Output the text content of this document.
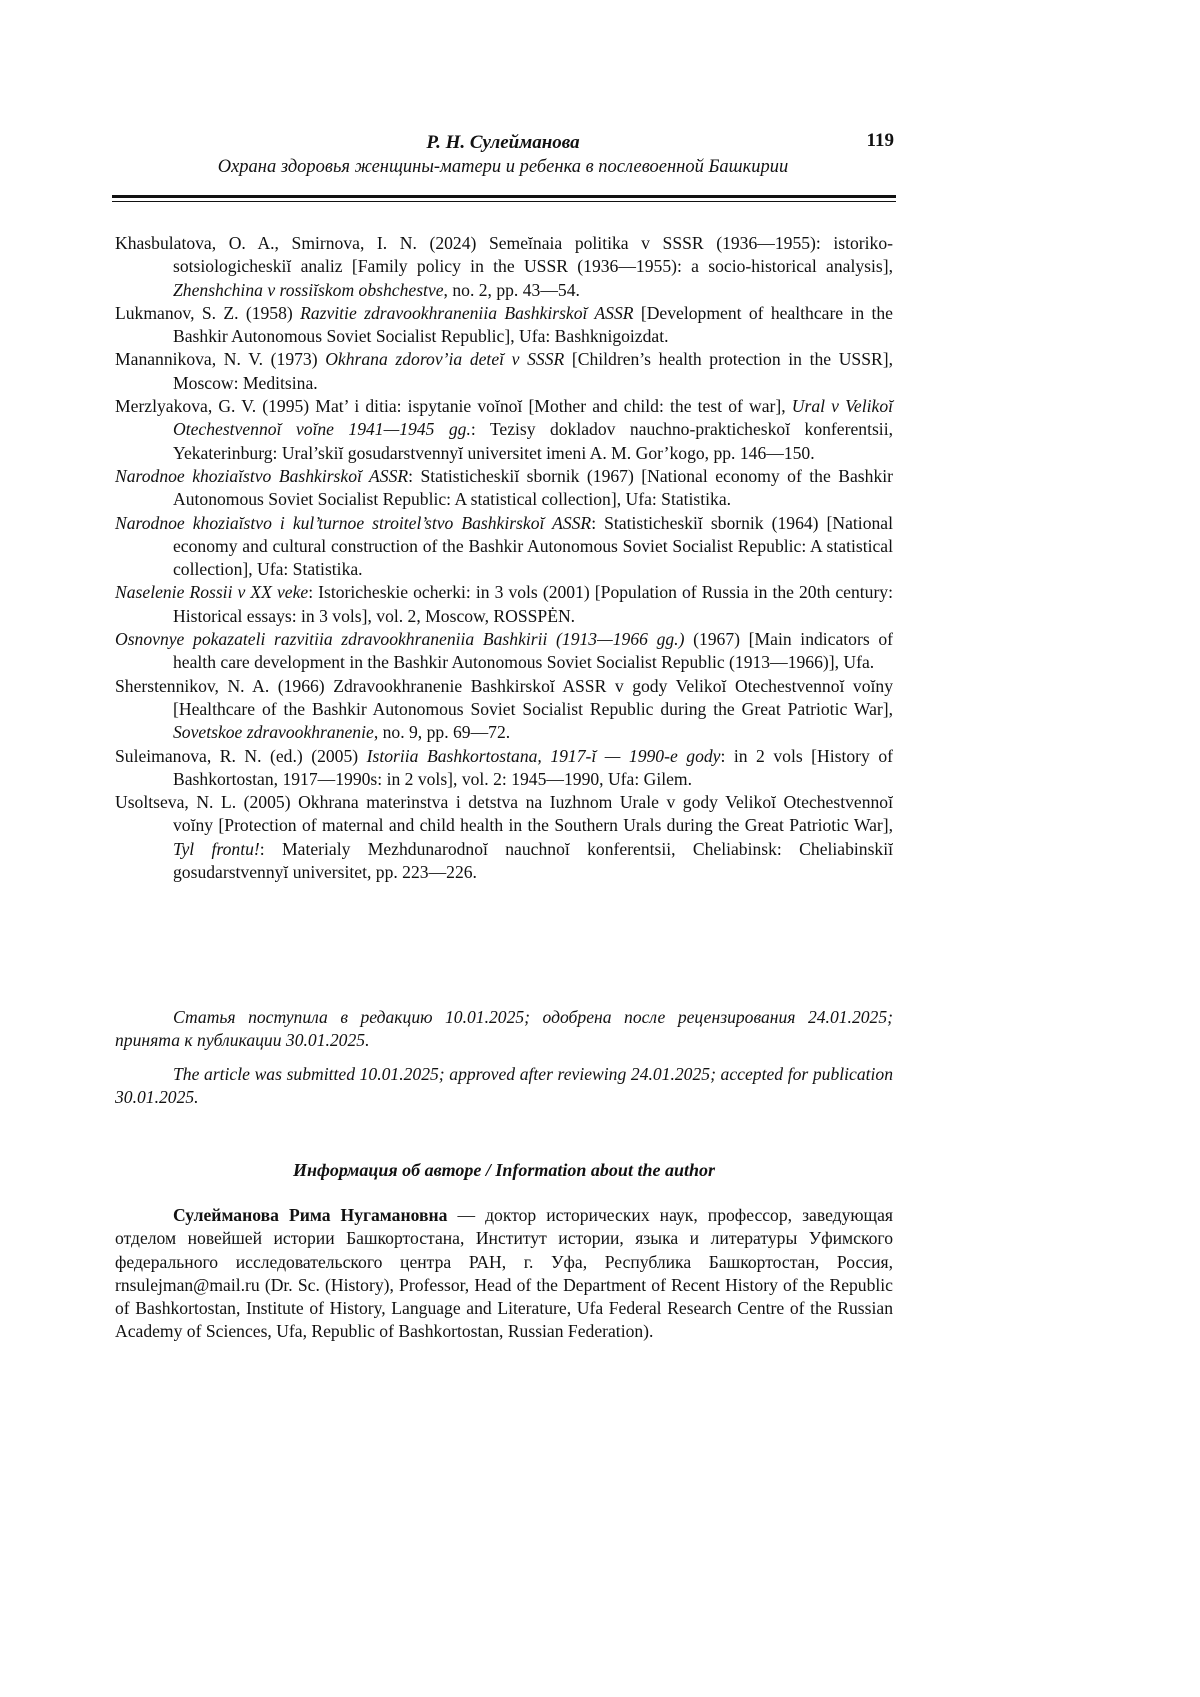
Р. Н. Сулейманова
Охрана здоровья женщины-матери и ребенка в послевоенной Башкирии
119

Khasbulatova, O. A., Smirnova, I. N. (2024) Semeĭnaia politika v SSSR (1936—1955): istoriko-sotsiologicheskiĭ analiz [Family policy in the USSR (1936—1955): a socio-historical analysis], Zhenshchina v rossiĭskom obshchestve, no. 2, pp. 43—54.

Lukmanov, S. Z. (1958) Razvitie zdravookhraneniia Bashkirskoĭ ASSR [Development of healthcare in the Bashkir Autonomous Soviet Socialist Republic], Ufa: Bashknigoizdat.

Manannikova, N. V. (1973) Okhrana zdorov’ia deteĭ v SSSR [Children’s health protection in the USSR], Moscow: Meditsina.

Merzlyakova, G. V. (1995) Mat’ i ditia: ispytanie voĭnoĭ [Mother and child: the test of war], Ural v Velikoĭ Otechestvennoĭ voĭne 1941—1945 gg.: Tezisy dokladov nauchno-prakticheskoĭ konferentsii, Yekaterinburg: Ural’skiĭ gosudarstvennyĭ universitet imeni A. M. Gor’kogo, pp. 146—150.

Narodnoe khoziaĭstvo Bashkirskoĭ ASSR: Statisticheskiĭ sbornik (1967) [National economy of the Bashkir Autonomous Soviet Socialist Republic: A statistical collection], Ufa: Statistika.

Narodnoe khoziaĭstvo i kul’turnoe stroitel’stvo Bashkirskoĭ ASSR: Statisticheskiĭ sbornik (1964) [National economy and cultural construction of the Bashkir Autonomous Soviet Socialist Republic: A statistical collection], Ufa: Statistika.

Naselenie Rossii v XX veke: Istoricheskie ocherki: in 3 vols (2001) [Population of Russia in the 20th century: Historical essays: in 3 vols], vol. 2, Moscow, ROSSPĖN.

Osnovnye pokazateli razvitiia zdravookhraneniia Bashkirii (1913—1966 gg.) (1967) [Main indicators of health care development in the Bashkir Autonomous Soviet Socialist Republic (1913—1966)], Ufa.

Sherstennikov, N. A. (1966) Zdravookhranenie Bashkirskoĭ ASSR v gody Velikoĭ Otechestvennoĭ voĭny [Healthcare of the Bashkir Autonomous Soviet Socialist Republic during the Great Patriotic War], Sovetskoe zdravookhranenie, no. 9, pp. 69—72.

Suleimanova, R. N. (ed.) (2005) Istoriia Bashkortostana, 1917-ĭ — 1990-e gody: in 2 vols [History of Bashkortostan, 1917—1990s: in 2 vols], vol. 2: 1945—1990, Ufa: Gilem.

Usoltseva, N. L. (2005) Okhrana materinstva i detstva na Iuzhnom Urale v gody Velikoĭ Otechestvennoĭ voĭny [Protection of maternal and child health in the Southern Urals during the Great Patriotic War], Tyl frontu!: Materialy Mezhdunarodnoĭ nauchnoĭ konferentsii, Cheliabinsk: Cheliabinskiĭ gosudarstvennyĭ universitet, pp. 223—226.

Статья поступила в редакцию 10.01.2025; одобрена после рецензирования 24.01.2025; принята к публикации 30.01.2025.

The article was submitted 10.01.2025; approved after reviewing 24.01.2025; accepted for publication 30.01.2025.

Информация об авторе / Information about the author

Сулейманова Рима Нугамановна — доктор исторических наук, профессор, заведующая отделом новейшей истории Башкортостана, Институт истории, языка и литературы Уфимского федерального исследовательского центра РАН, г. Уфа, Республика Башкортостан, Россия, rnsulejman@mail.ru (Dr. Sc. (History), Professor, Head of the Department of Recent History of the Republic of Bashkortostan, Institute of History, Language and Literature, Ufa Federal Research Centre of the Russian Academy of Sciences, Ufa, Republic of Bashkortostan, Russian Federation).
